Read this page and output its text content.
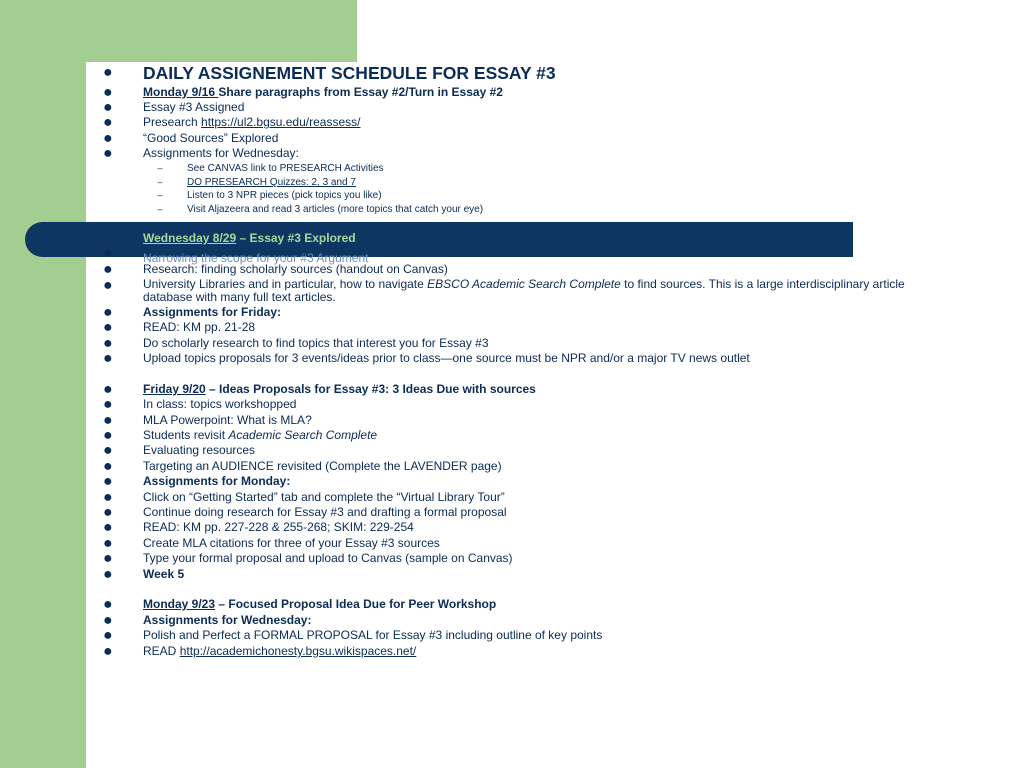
● DAILY ASSIGNEMENT SCHEDULE FOR ESSAY #3
●	Monday 9/16 Share paragraphs from Essay #2/Turn in Essay #2
●	Essay #3 Assigned
●	Presearch https://ul2.bgsu.edu/reassess/
●	“Good Sources” Explored
●	Assignments for Wednesday:
– See CANVAS link to PRESEARCH Activities
– DO PRESEARCH Quizzes: 2, 3 and 7
– Listen to 3 NPR pieces (pick topics you like)
– Visit Aljazeera and read 3 articles (more topics that catch your eye)
Wednesday 8/29 – Essay #3 Explored
Narrowing the scope for your #3 Argument
●
●	Research: finding scholarly sources (handout on Canvas)
●	University Libraries and in particular, how to navigate EBSCO Academic Search Complete to find sources. This is a large interdisciplinary article database with many full text articles.
●	Assignments for Friday:
●	READ: KM pp. 21-28
●	Do scholarly research to find topics that interest you for Essay #3
●	Upload topics proposals for 3 events/ideas prior to class—one source must be NPR and/or a major TV news outlet
●	Friday 9/20 – Ideas Proposals for Essay #3: 3 Ideas Due with sources
●	In class: topics workshopped
●	MLA Powerpoint: What is MLA?
●	Students revisit Academic Search Complete
●	Evaluating resources
●	Targeting an AUDIENCE revisited (Complete the LAVENDER page)
●	Assignments for Monday:
●	Click on “Getting Started” tab and complete the “Virtual Library Tour”
●	Continue doing research for Essay #3 and drafting a formal proposal
●	READ: KM pp. 227-228 & 255-268; SKIM: 229-254
●	Create MLA citations for three of your Essay #3 sources
●	Type your formal proposal and upload to Canvas (sample on Canvas)
●	Week 5
●	Monday 9/23 – Focused Proposal Idea Due for Peer Workshop
●	Assignments for Wednesday:
●	Polish and Perfect a FORMAL PROPOSAL for Essay #3 including outline of key points
●	READ http://academichonesty.bgsu.wikispaces.net/
